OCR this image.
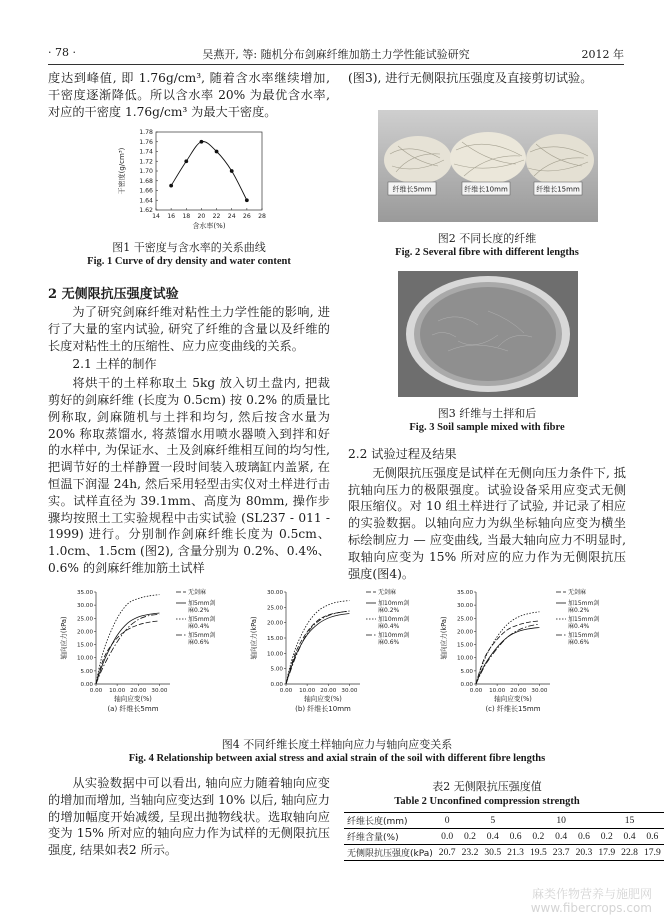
· 78 ·	吴燕开, 等: 随机分布剑麻纤维加筋土力学性能试验研究	2012 年

度达到峰值, 即 1.76g/cm³, 随着含水率继续增加, 干密度逐渐降低。所以含水率 20% 为最优含水率, 对应的干密度 1.76g/cm³ 为最大干密度。

14 16 18 20 22 24 26 28
1.62
1.64
1.66
1.68
1.70
1.72
1.74
1.76
1.78
含水率(%)
干密度(g/cm³)
图1 干密度与含水率的关系曲线
Fig. 1 Curve of dry density and water content
2 无侧限抗压强度试验

为了研究剑麻纤维对粘性土力学性能的影响, 进行了大量的室内试验, 研究了纤维的含量以及纤维的长度对粘性土的压缩性、应力应变曲线的关系。

2.1 土样的制作

将烘干的土样称取土 5kg 放入切土盘内, 把裁剪好的剑麻纤维 (长度为 0.5cm) 按 0.2% 的质量比例称取, 剑麻随机与土拌和均匀, 然后按含水量为 20% 称取蒸馏水, 将蒸馏水用喷水器喷入到拌和好的水样中, 为保证水、土及剑麻纤维相互间的均匀性, 把调节好的土样静置一段时间装入玻璃缸内盖紧, 在恒温下润湿 24h, 然后采用轻型击实仪对土样进行击实。试样直径为 39.1mm、高度为 80mm, 操作步骤均按照土工实验规程中击实试验 (SL237 - 011 - 1999) 进行。分别制作剑麻纤维长度为 0.5cm、1.0cm、1.5cm (图2), 含量分别为 0.2%、0.4%、0.6% 的剑麻纤维加筋土试样

(图3), 进行无侧限抗压强度及直接剪切试验。

纤维长5mm	纤维长10mm	纤维长15mm
图2 不同长度的纤维
Fig. 2 Several fibre with different lengths
图3 纤维与土拌和后
Fig. 3 Soil sample mixed with fibre

2.2 试验过程及结果

无侧限抗压强度是试样在无侧向压力条件下, 抵抗轴向压力的极限强度。试验设备采用应变式无侧限压缩仪。对 10 组土样进行了试验, 并记录了相应的实验数据。以轴向应力为纵坐标轴向应变为横坐标绘制应力 — 应变曲线, 当最大轴向应力不明显时, 取轴向应变为 15% 所对应的应力作为无侧限抗压强度(图4)。

0.00 10.00 20.00 30.00
0.00
5.00
10.00
15.00
20.00
25.00
30.00
35.00	无剑麻
加5mm剑
麻0.2%
加5mm剑
麻0.4%
加5mm剑
麻0.6%
轴向应变(%)
轴向应力(kPa)
(a) 纤维长5mm
0.00 10.00 20.00 30.00
0.00
5.00
10.00
15.00
20.00
25.00
30.00	无剑麻
加10mm剑
麻0.2%
加10mm剑
麻0.4%
加10mm剑
麻0.6%
轴向应变(%)
轴向应力(kPa)
(b) 纤维长10mm
0.00 10.00 20.00 30.00
0.00
5.00
10.00
15.00
20.00
25.00
30.00
35.00	无剑麻
加15mm剑
麻0.2%
加15mm剑
麻0.4%
加15mm剑
麻0.6%
轴向应变(%)
轴向应力(kPa)
(c) 纤维长15mm
图4 不同纤维长度土样轴向应力与轴向应变关系
Fig. 4 Relationship between axial stress and axial strain of the soil with different fibre lengths

从实验数据中可以看出, 轴向应力随着轴向应变的增加而增加, 当轴向应变达到 10% 以后, 轴向应力的增加幅度开始减缓, 呈现出抛物线状。选取轴向应变为 15% 所对应的轴向应力作为试样的无侧限抗压强度, 结果如表2 所示。

表2 无侧限抗压强度值
Table 2 Unconfined compression strength
纤维长度(mm)	0	5			10			15		
纤维含量(%)	0.0	0.2	0.4	0.6	0.2	0.4	0.6	0.2	0.4	0.6
无侧限抗压强度(kPa)	20.7	23.2	30.5	21.3	19.5	23.7	20.3	17.9	22.8	17.9
麻类作物营养与施肥网
www.fibercrops.com
